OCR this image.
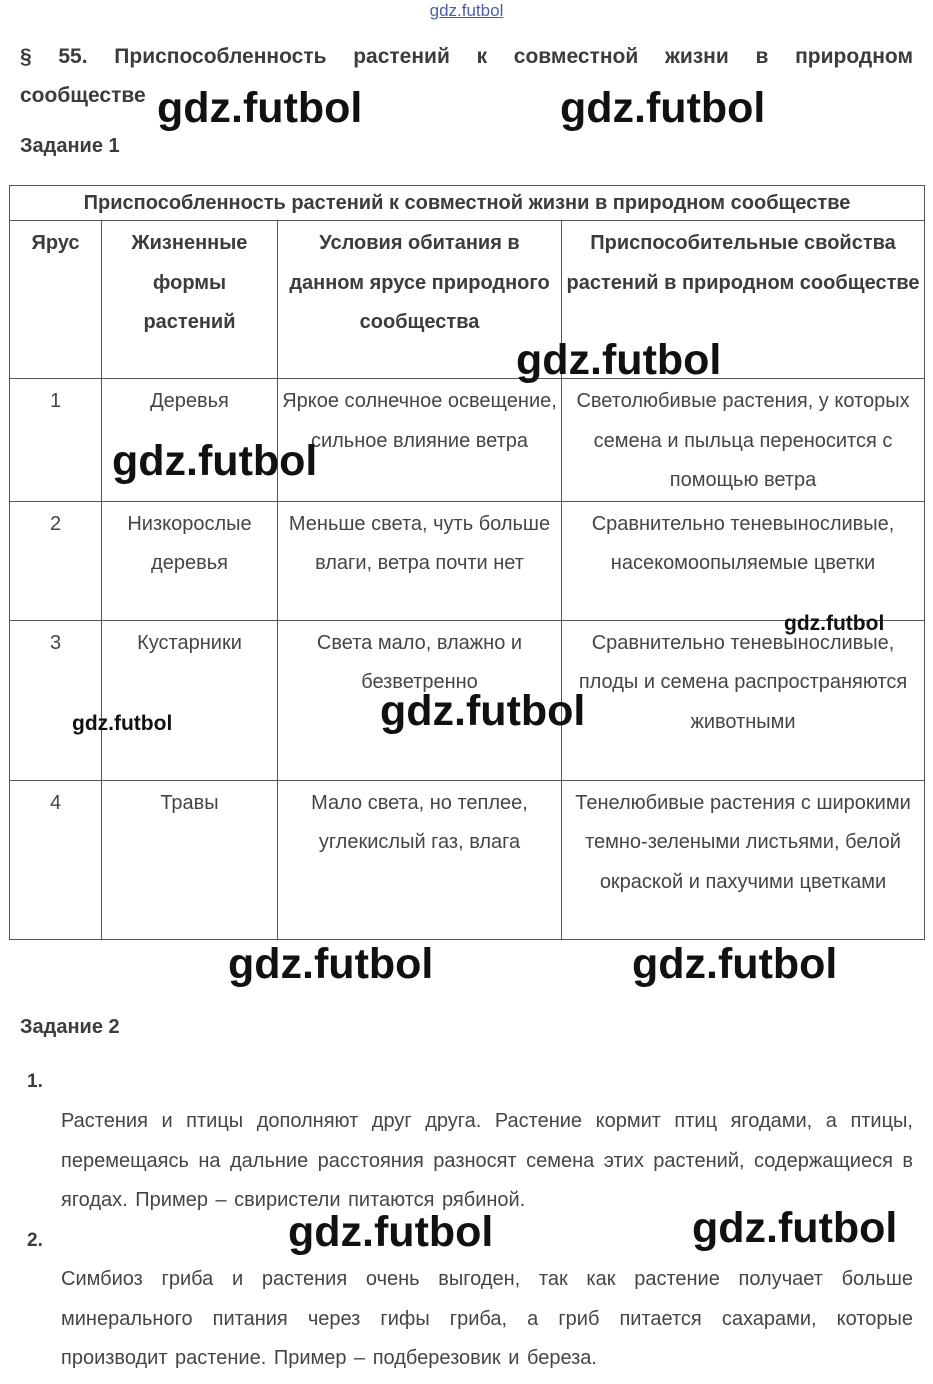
gdz.futbol
§ 55. Приспособленность растений к совместной жизни в природном сообществе
Задание 1
Приспособленность растений к совместной жизни в природном сообществе			
Ярус	Жизненные формы растений	Условия обитания в данном ярусе природного сообщества	Приспособительные свойства растений в природном сообществе
1	Деревья	Яркое солнечное освещение, сильное влияние ветра	Светолюбивые растения, у которых семена и пыльца переносится с помощью ветра
2	Низкорослые деревья	Меньше света, чуть больше влаги, ветра почти нет	Сравнительно теневыносливые, насекомоопыляемые цветки
3	Кустарники	Света мало, влажно и безветренно	Сравнительно теневыносливые, плоды и семена распространяются животными
4	Травы	Мало света, но теплее, углекислый газ, влага	Тенелюбивые растения с широкими темно-зелеными листьями, белой окраской и пахучими цветками
Задание 2
1.
Растения и птицы дополняют друг друга. Растение кормит птиц ягодами, а птицы, перемещаясь на дальние расстояния разносят семена этих растений, содержащиеся в ягодах. Пример – свиристели питаются рябиной.
2.
Симбиоз гриба и растения очень выгоден, так как растение получает больше минерального питания через гифы гриба, а гриб питается сахарами, которые производит растение. Пример – подберезовик и береза.
gdz.futbol	gdz.futbol
gdz.futbol
gdz.futbol
gdz.futbol
gdz.futbol
gdz.futbol
gdz.futbol	gdz.futbol
gdz.futbol	gdz.futbol
